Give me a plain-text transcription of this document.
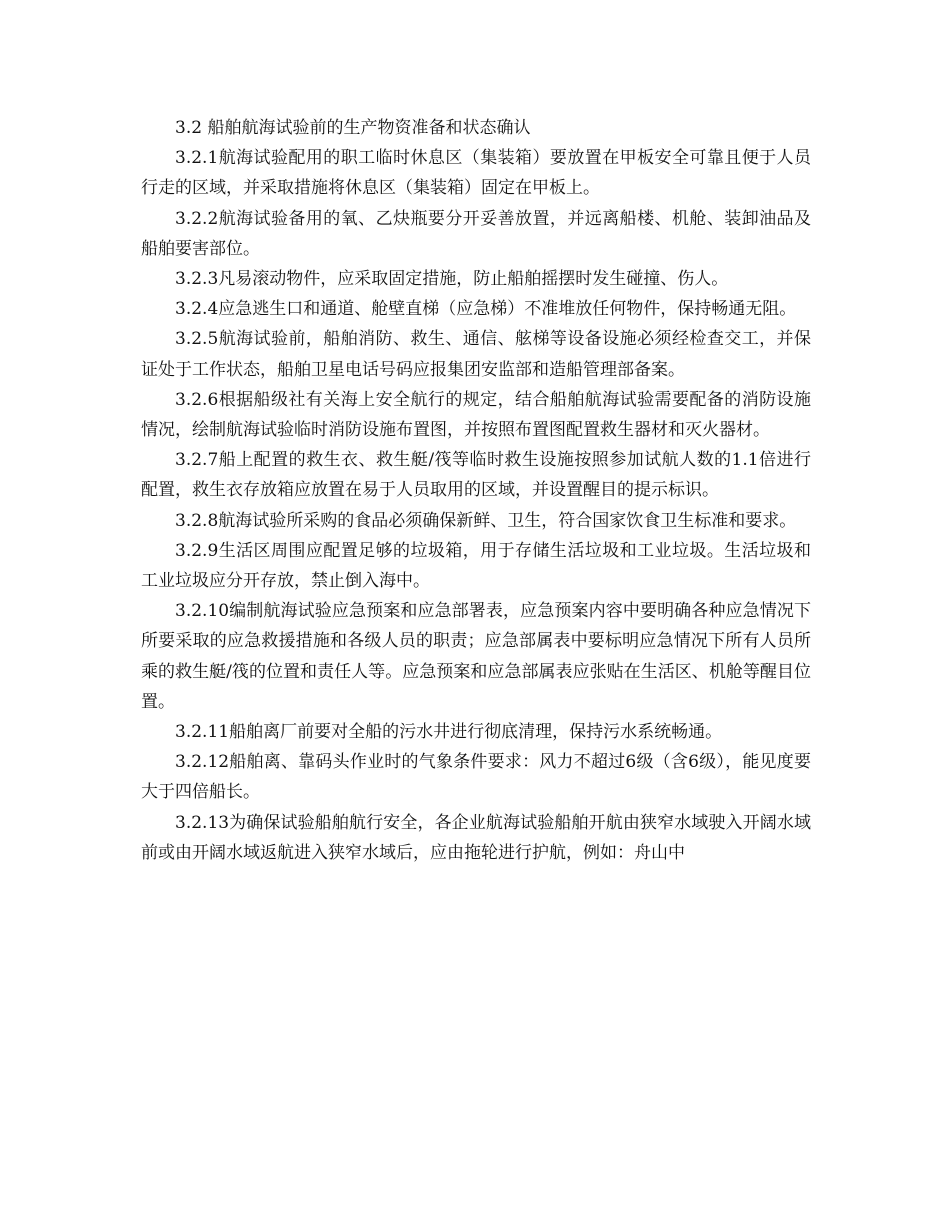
3.2 船舶航海试验前的生产物资准备和状态确认

3.2.1航海试验配用的职工临时休息区（集装箱）要放置在甲板安全可靠且便于人员行走的区域，并采取措施将休息区（集装箱）固定在甲板上。

3.2.2航海试验备用的氧、乙炔瓶要分开妥善放置，并远离船楼、机舱、装卸油品及船舶要害部位。

3.2.3凡易滚动物件，应采取固定措施，防止船舶摇摆时发生碰撞、伤人。

3.2.4应急逃生口和通道、舱壁直梯（应急梯）不准堆放任何物件，保持畅通无阻。

3.2.5航海试验前，船舶消防、救生、通信、舷梯等设备设施必须经检查交工，并保证处于工作状态，船舶卫星电话号码应报集团安监部和造船管理部备案。

3.2.6根据船级社有关海上安全航行的规定，结合船舶航海试验需要配备的消防设施情况，绘制航海试验临时消防设施布置图，并按照布置图配置救生器材和灭火器材。

3.2.7船上配置的救生衣、救生艇/筏等临时救生设施按照参加试航人数的1.1倍进行配置，救生衣存放箱应放置在易于人员取用的区域，并设置醒目的提示标识。

3.2.8航海试验所采购的食品必须确保新鲜、卫生，符合国家饮食卫生标准和要求。

3.2.9生活区周围应配置足够的垃圾箱，用于存储生活垃圾和工业垃圾。生活垃圾和工业垃圾应分开存放，禁止倒入海中。

3.2.10编制航海试验应急预案和应急部署表，应急预案内容中要明确各种应急情况下所要采取的应急救援措施和各级人员的职责；应急部属表中要标明应急情况下所有人员所乘的救生艇/筏的位置和责任人等。应急预案和应急部属表应张贴在生活区、机舱等醒目位置。

3.2.11船舶离厂前要对全船的污水井进行彻底清理，保持污水系统畅通。

3.2.12船舶离、靠码头作业时的气象条件要求：风力不超过6级（含6级），能见度要大于四倍船长。

3.2.13为确保试验船舶航行安全，各企业航海试验船舶开航由狭窄水域驶入开阔水域前或由开阔水域返航进入狭窄水域后，应由拖轮进行护航，例如：舟山中
